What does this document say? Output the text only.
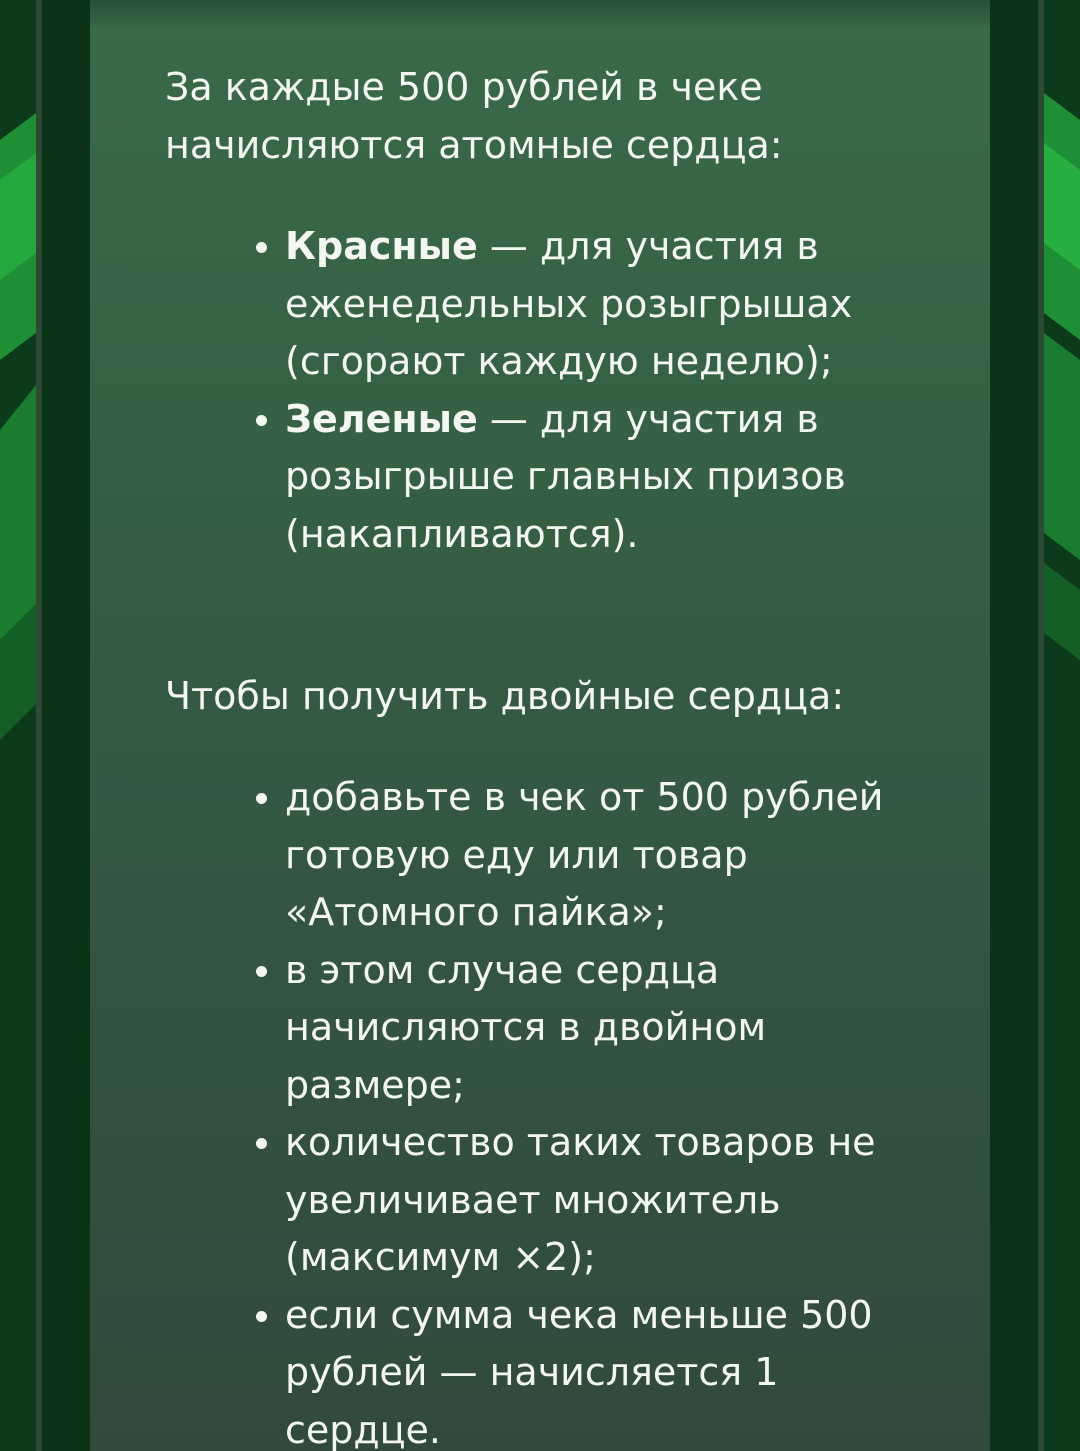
За каждые 500 рублей в чеке начисляются атомные сердца:

Красные — для участия в еженедельных розыгрышах (сгорают каждую неделю);
Зеленые — для участия в розыгрыше главных призов (накапливаются).

Чтобы получить двойные сердца:

добавьте в чек от 500 рублей готовую еду или товар «Атомного пайка»;
в этом случае сердца начисляются в двойном размере;
количество таких товаров не увеличивает множитель (максимум ×2);
если сумма чека меньше 500 рублей — начисляется 1 сердце.
